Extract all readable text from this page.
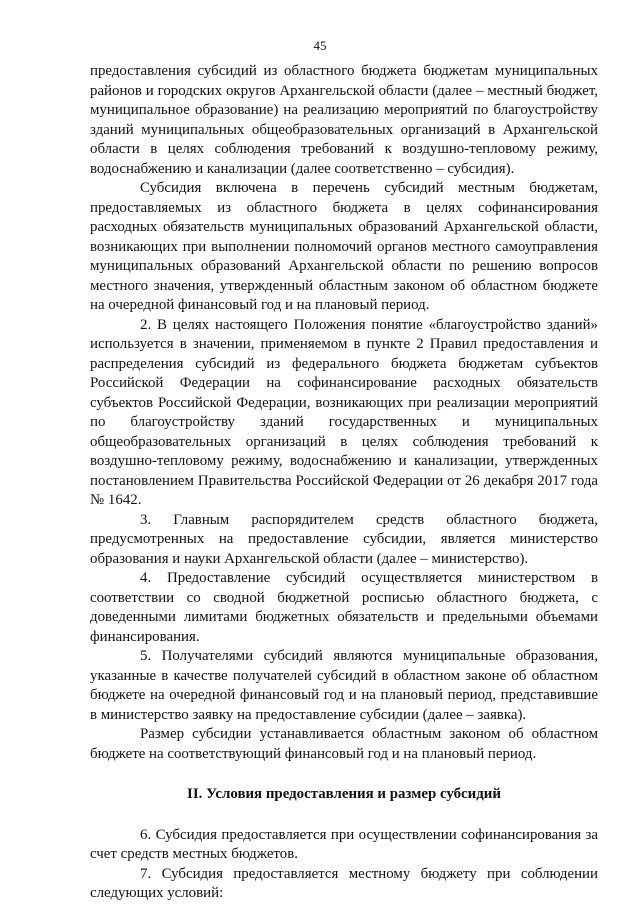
45

предоставления субсидий из областного бюджета бюджетам муниципальных районов и городских округов Архангельской области (далее – местный бюджет, муниципальное образование) на реализацию мероприятий по благоустройству зданий муниципальных общеобразовательных организаций в Архангельской области в целях соблюдения требований к воздушно-тепловому режиму, водоснабжению и канализации (далее соответственно – субсидия).

Субсидия включена в перечень субсидий местным бюджетам, предоставляемых из областного бюджета в целях софинансирования расходных обязательств муниципальных образований Архангельской области, возникающих при выполнении полномочий органов местного самоуправления муниципальных образований Архангельской области по решению вопросов местного значения, утвержденный областным законом об областном бюджете на очередной финансовый год и на плановый период.

2. В целях настоящего Положения понятие «благоустройство зданий» используется в значении, применяемом в пункте 2 Правил предоставления и распределения субсидий из федерального бюджета бюджетам субъектов Российской Федерации на софинансирование расходных обязательств субъектов Российской Федерации, возникающих при реализации мероприятий по благоустройству зданий государственных и муниципальных общеобразовательных организаций в целях соблюдения требований к воздушно-тепловому режиму, водоснабжению и канализации, утвержденных постановлением Правительства Российской Федерации от 26 декабря 2017 года № 1642.

3. Главным распорядителем средств областного бюджета, предусмотренных на предоставление субсидии, является министерство образования и науки Архангельской области (далее – министерство).

4. Предоставление субсидий осуществляется министерством в соответствии со сводной бюджетной росписью областного бюджета, с доведенными лимитами бюджетных обязательств и предельными объемами финансирования.

5. Получателями субсидий являются муниципальные образования, указанные в качестве получателей субсидий в областном законе об областном бюджете на очередной финансовый год и на плановый период, представившие в министерство заявку на предоставление субсидии (далее – заявка).

Размер субсидии устанавливается областным законом об областном бюджете на соответствующий финансовый год и на плановый период.

II. Условия предоставления и размер субсидий

6. Субсидия предоставляется при осуществлении софинансирования за счет средств местных бюджетов.

7. Субсидия предоставляется местному бюджету при соблюдении следующих условий:
